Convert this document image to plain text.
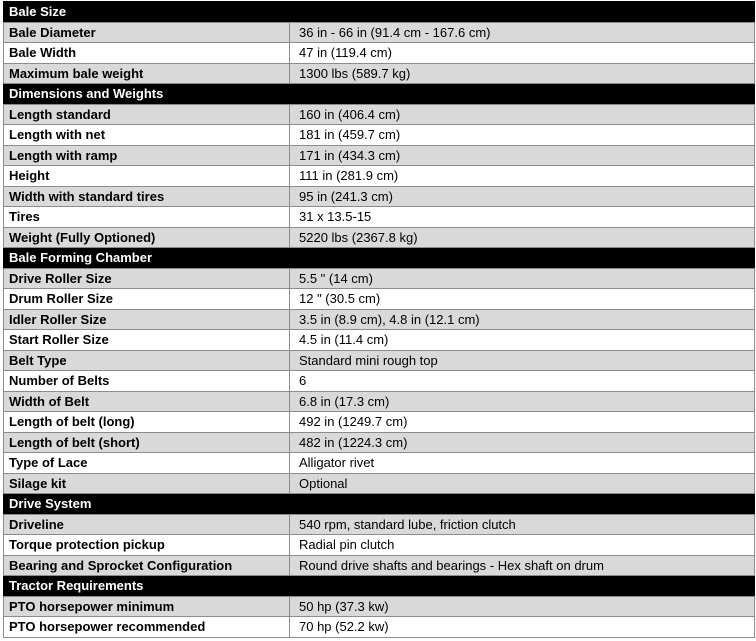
Bale Size	
Bale Diameter	36 in - 66 in (91.4 cm - 167.6 cm)
Bale Width	47 in (119.4 cm)
Maximum bale weight	1300 lbs (589.7 kg)
Dimensions and Weights	
Length standard	160 in (406.4 cm)
Length with net	181 in (459.7 cm)
Length with ramp	171 in (434.3 cm)
Height	111 in (281.9 cm)
Width with standard tires	95 in (241.3 cm)
Tires	31 x 13.5-15
Weight (Fully Optioned)	5220 lbs (2367.8 kg)
Bale Forming Chamber	
Drive Roller Size	5.5 " (14 cm)
Drum Roller Size	12 " (30.5 cm)
Idler Roller Size	3.5 in (8.9 cm), 4.8 in (12.1 cm)
Start Roller Size	4.5 in (11.4 cm)
Belt Type	Standard mini rough top
Number of Belts	6
Width of Belt	6.8 in (17.3 cm)
Length of belt (long)	492 in (1249.7 cm)
Length of belt (short)	482 in (1224.3 cm)
Type of Lace	Alligator rivet
Silage kit	Optional
Drive System	
Driveline	540 rpm, standard lube, friction clutch
Torque protection pickup	Radial pin clutch
Bearing and Sprocket Configuration	Round drive shafts and bearings - Hex shaft on drum
Tractor Requirements	
PTO horsepower minimum	50 hp (37.3 kw)
PTO horsepower recommended	70 hp (52.2 kw)
